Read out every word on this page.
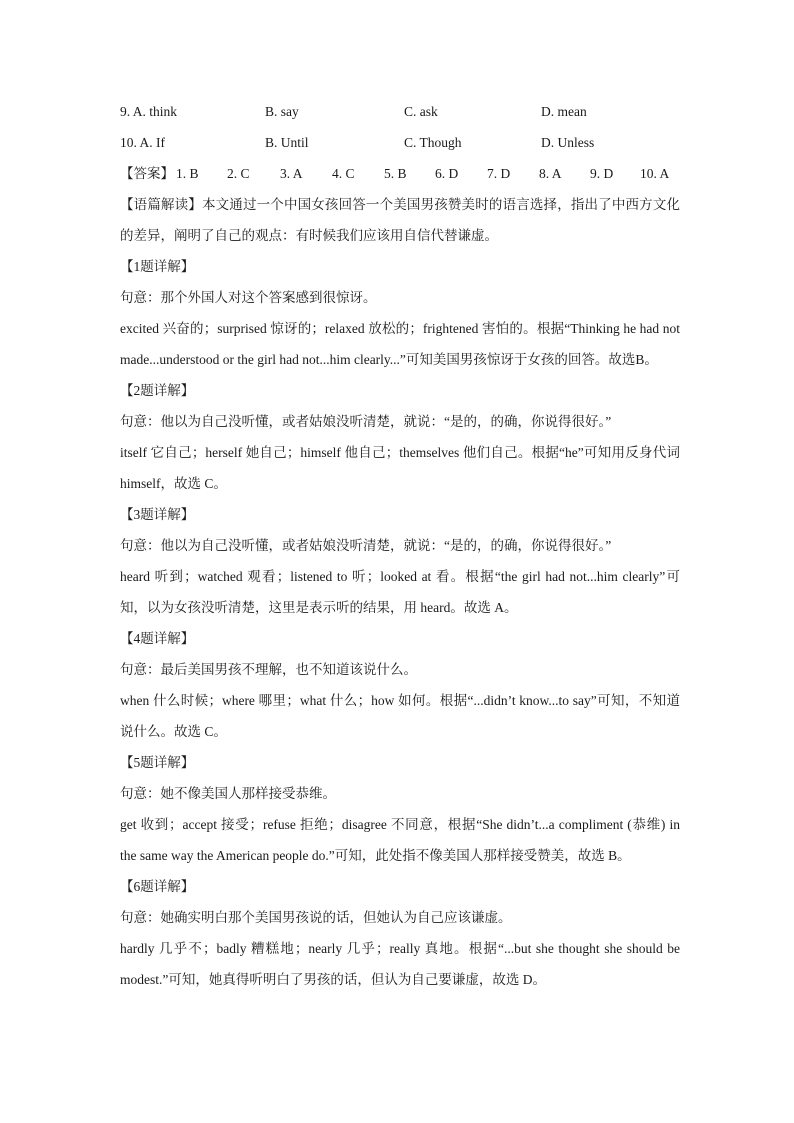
9. A. think	B. say	C. ask	D. mean
10. A. If	B. Until	C. Though	D. Unless
【答案】 1. B 2. C 3. A 4. C 5. B 6. D 7. D 8. A 9. D 10. A
【语篇解读】本文通过一个中国女孩回答一个美国男孩赞美时的语言选择，指出了中西方文化的差异，阐明了自己的观点：有时候我们应该用自信代替谦虚。
【1题详解】
句意：那个外国人对这个答案感到很惊讶。
excited 兴奋的；surprised 惊讶的；relaxed 放松的；frightened 害怕的。根据“Thinking he had not made...understood or the girl had not...him clearly...”可知美国男孩惊讶于女孩的回答。故选B。
【2题详解】
句意：他以为自己没听懂，或者姑娘没听清楚，就说：“是的，的确，你说得很好。”
itself 它自己；herself 她自己；himself 他自己；themselves 他们自己。根据“he”可知用反身代词 himself，故选 C。
【3题详解】
句意：他以为自己没听懂，或者姑娘没听清楚，就说：“是的，的确，你说得很好。”
heard 听到；watched 观看；listened to 听；looked at 看。根据“the girl had not...him clearly”可知，以为女孩没听清楚，这里是表示听的结果，用 heard。故选 A。
【4题详解】
句意：最后美国男孩不理解，也不知道该说什么。
when 什么时候；where 哪里；what 什么；how 如何。根据“...didn’t know...to say”可知，不知道说什么。故选 C。
【5题详解】
句意：她不像美国人那样接受恭维。
get 收到；accept 接受；refuse 拒绝；disagree 不同意，根据“She didn’t...a compliment (恭维) in the same way the American people do.”可知，此处指不像美国人那样接受赞美，故选 B。
【6题详解】
句意：她确实明白那个美国男孩说的话，但她认为自己应该谦虚。
hardly 几乎不；badly 糟糕地；nearly 几乎；really 真地。根据“...but she thought she should be modest.”可知，她真得听明白了男孩的话，但认为自己要谦虚，故选 D。
